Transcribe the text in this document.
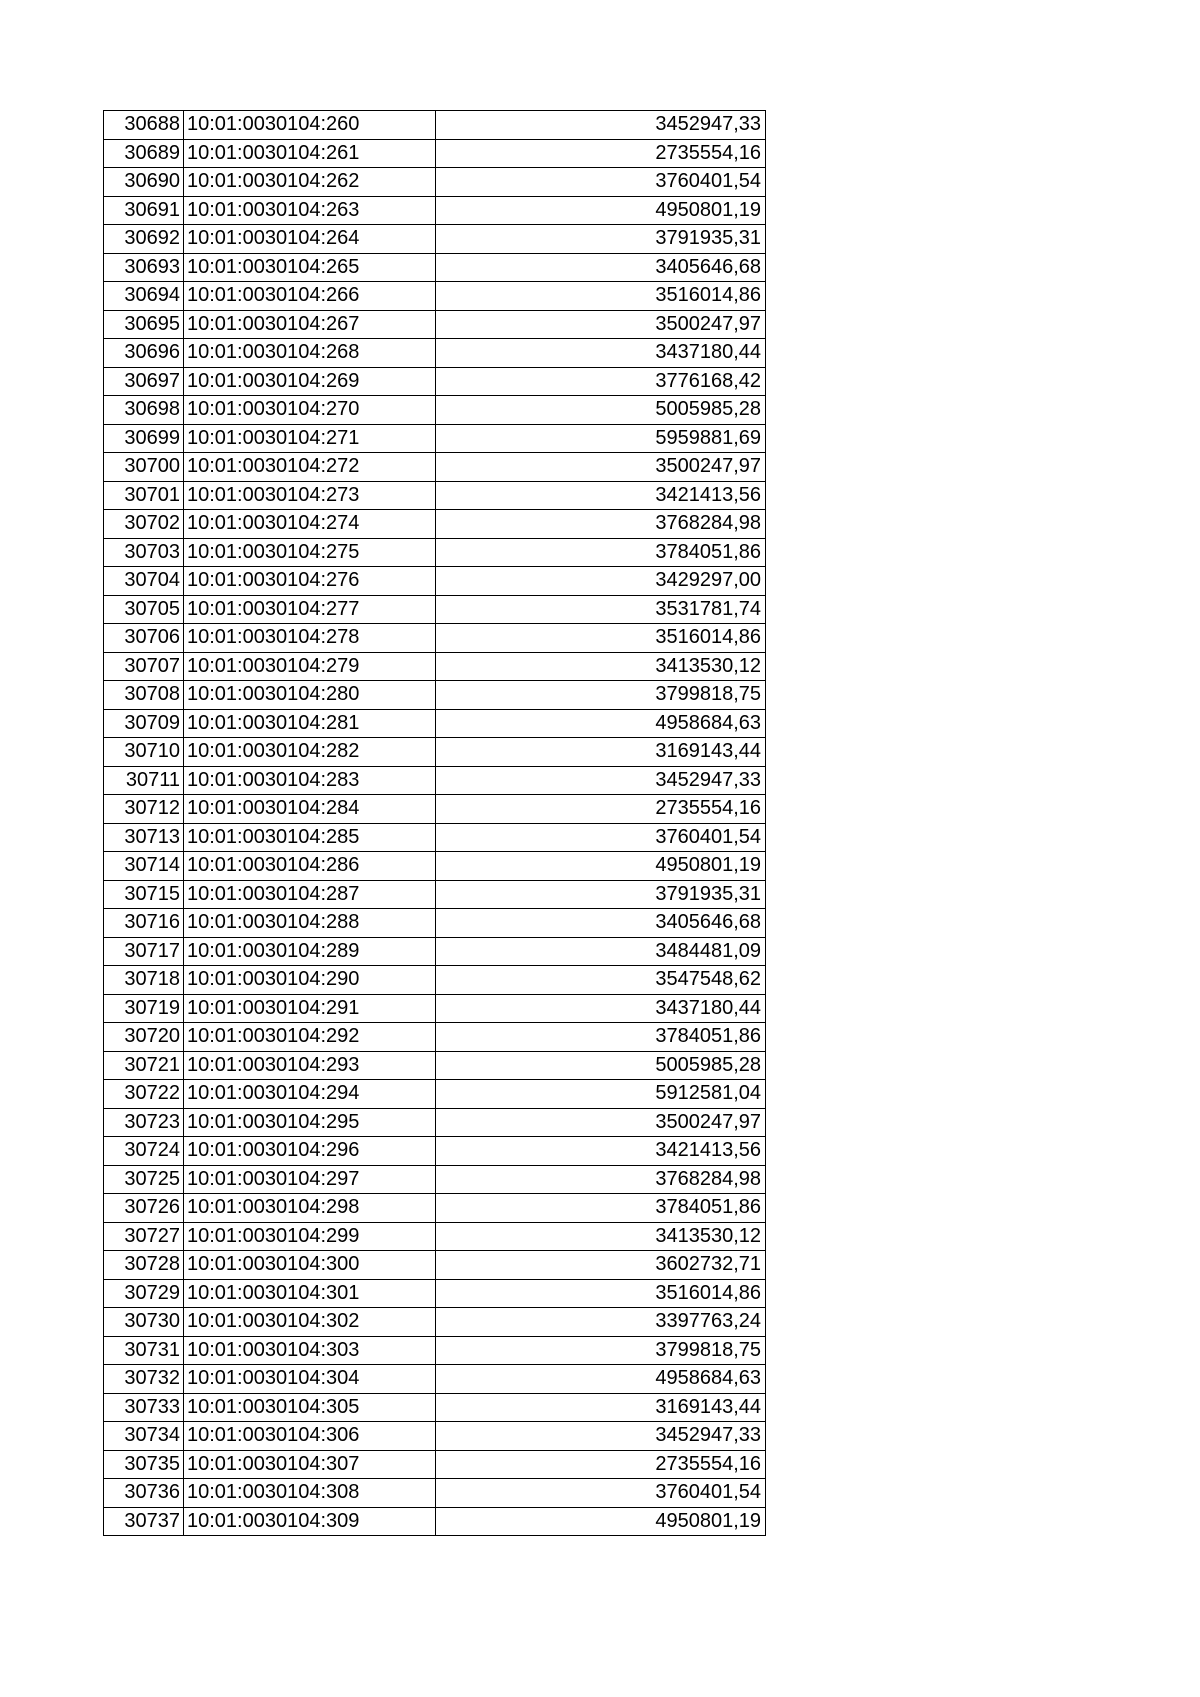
30688	10:01:0030104:260	3452947,33
30689	10:01:0030104:261	2735554,16
30690	10:01:0030104:262	3760401,54
30691	10:01:0030104:263	4950801,19
30692	10:01:0030104:264	3791935,31
30693	10:01:0030104:265	3405646,68
30694	10:01:0030104:266	3516014,86
30695	10:01:0030104:267	3500247,97
30696	10:01:0030104:268	3437180,44
30697	10:01:0030104:269	3776168,42
30698	10:01:0030104:270	5005985,28
30699	10:01:0030104:271	5959881,69
30700	10:01:0030104:272	3500247,97
30701	10:01:0030104:273	3421413,56
30702	10:01:0030104:274	3768284,98
30703	10:01:0030104:275	3784051,86
30704	10:01:0030104:276	3429297,00
30705	10:01:0030104:277	3531781,74
30706	10:01:0030104:278	3516014,86
30707	10:01:0030104:279	3413530,12
30708	10:01:0030104:280	3799818,75
30709	10:01:0030104:281	4958684,63
30710	10:01:0030104:282	3169143,44
30711	10:01:0030104:283	3452947,33
30712	10:01:0030104:284	2735554,16
30713	10:01:0030104:285	3760401,54
30714	10:01:0030104:286	4950801,19
30715	10:01:0030104:287	3791935,31
30716	10:01:0030104:288	3405646,68
30717	10:01:0030104:289	3484481,09
30718	10:01:0030104:290	3547548,62
30719	10:01:0030104:291	3437180,44
30720	10:01:0030104:292	3784051,86
30721	10:01:0030104:293	5005985,28
30722	10:01:0030104:294	5912581,04
30723	10:01:0030104:295	3500247,97
30724	10:01:0030104:296	3421413,56
30725	10:01:0030104:297	3768284,98
30726	10:01:0030104:298	3784051,86
30727	10:01:0030104:299	3413530,12
30728	10:01:0030104:300	3602732,71
30729	10:01:0030104:301	3516014,86
30730	10:01:0030104:302	3397763,24
30731	10:01:0030104:303	3799818,75
30732	10:01:0030104:304	4958684,63
30733	10:01:0030104:305	3169143,44
30734	10:01:0030104:306	3452947,33
30735	10:01:0030104:307	2735554,16
30736	10:01:0030104:308	3760401,54
30737	10:01:0030104:309	4950801,19
